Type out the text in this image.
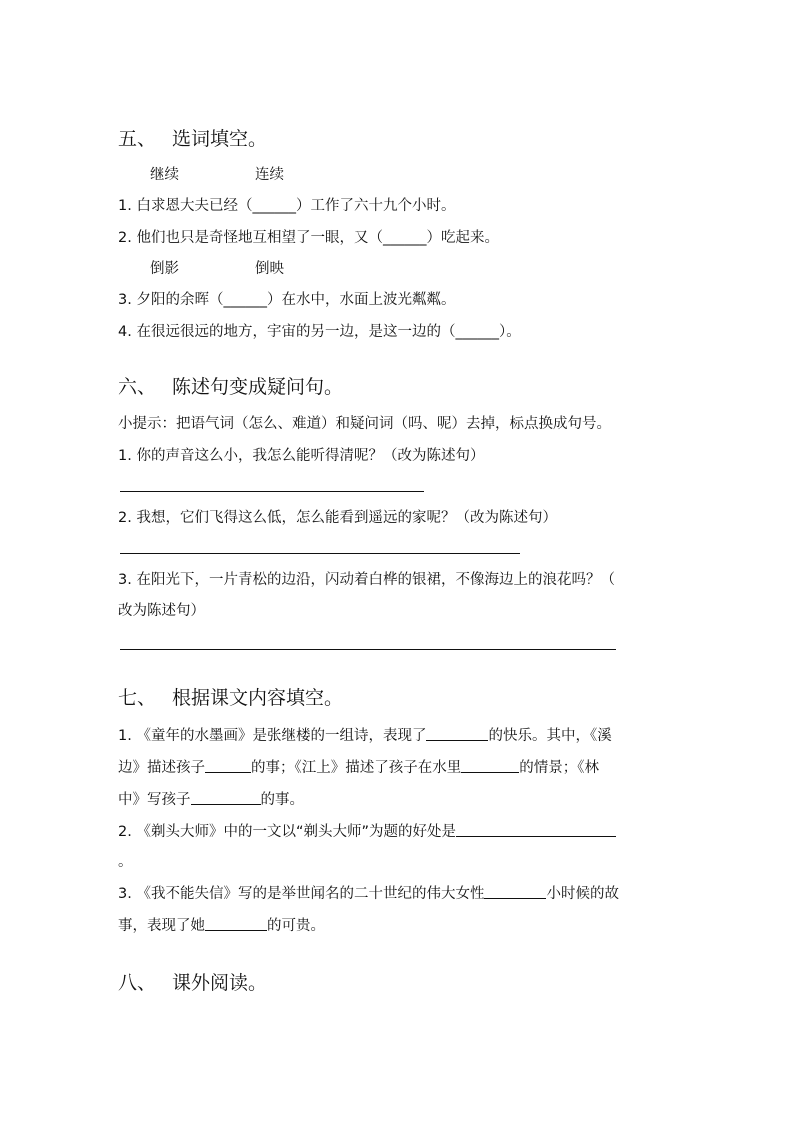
五、 选词填空。
继续	连续
1. 白求恩大夫已经（______）工作了六十九个小时。
2. 他们也只是奇怪地互相望了一眼，又（______）吃起来。
倒影	倒映
3. 夕阳的余晖（______）在水中，水面上波光粼粼。
4. 在很远很远的地方，宇宙的另一边，是这一边的（______）。
六、 陈述句变成疑问句。
小提示：把语气词（怎么、难道）和疑问词（吗、呢）去掉，标点换成句号。
1. 你的声音这么小，我怎么能听得清呢？（改为陈述句）
2. 我想，它们飞得这么低，怎么能看到遥远的家呢？（改为陈述句）
3. 在阳光下，一片青松的边沿，闪动着白桦的银裙，不像海边上的浪花吗？（
改为陈述句）
七、 根据课文内容填空。
1. 《童年的水墨画》是张继楼的一组诗，表现了	的快乐。其中，《溪
边》描述孩子	的事；《江上》描述了孩子在水里	的情景；《林
中》写孩子	的事。
2. 《剃头大师》中的一文以“剃头大师”为题的好处是
。
3. 《我不能失信》写的是举世闻名的二十世纪的伟大女性	小时候的故
事，表现了她	的可贵。
八、 课外阅读。
